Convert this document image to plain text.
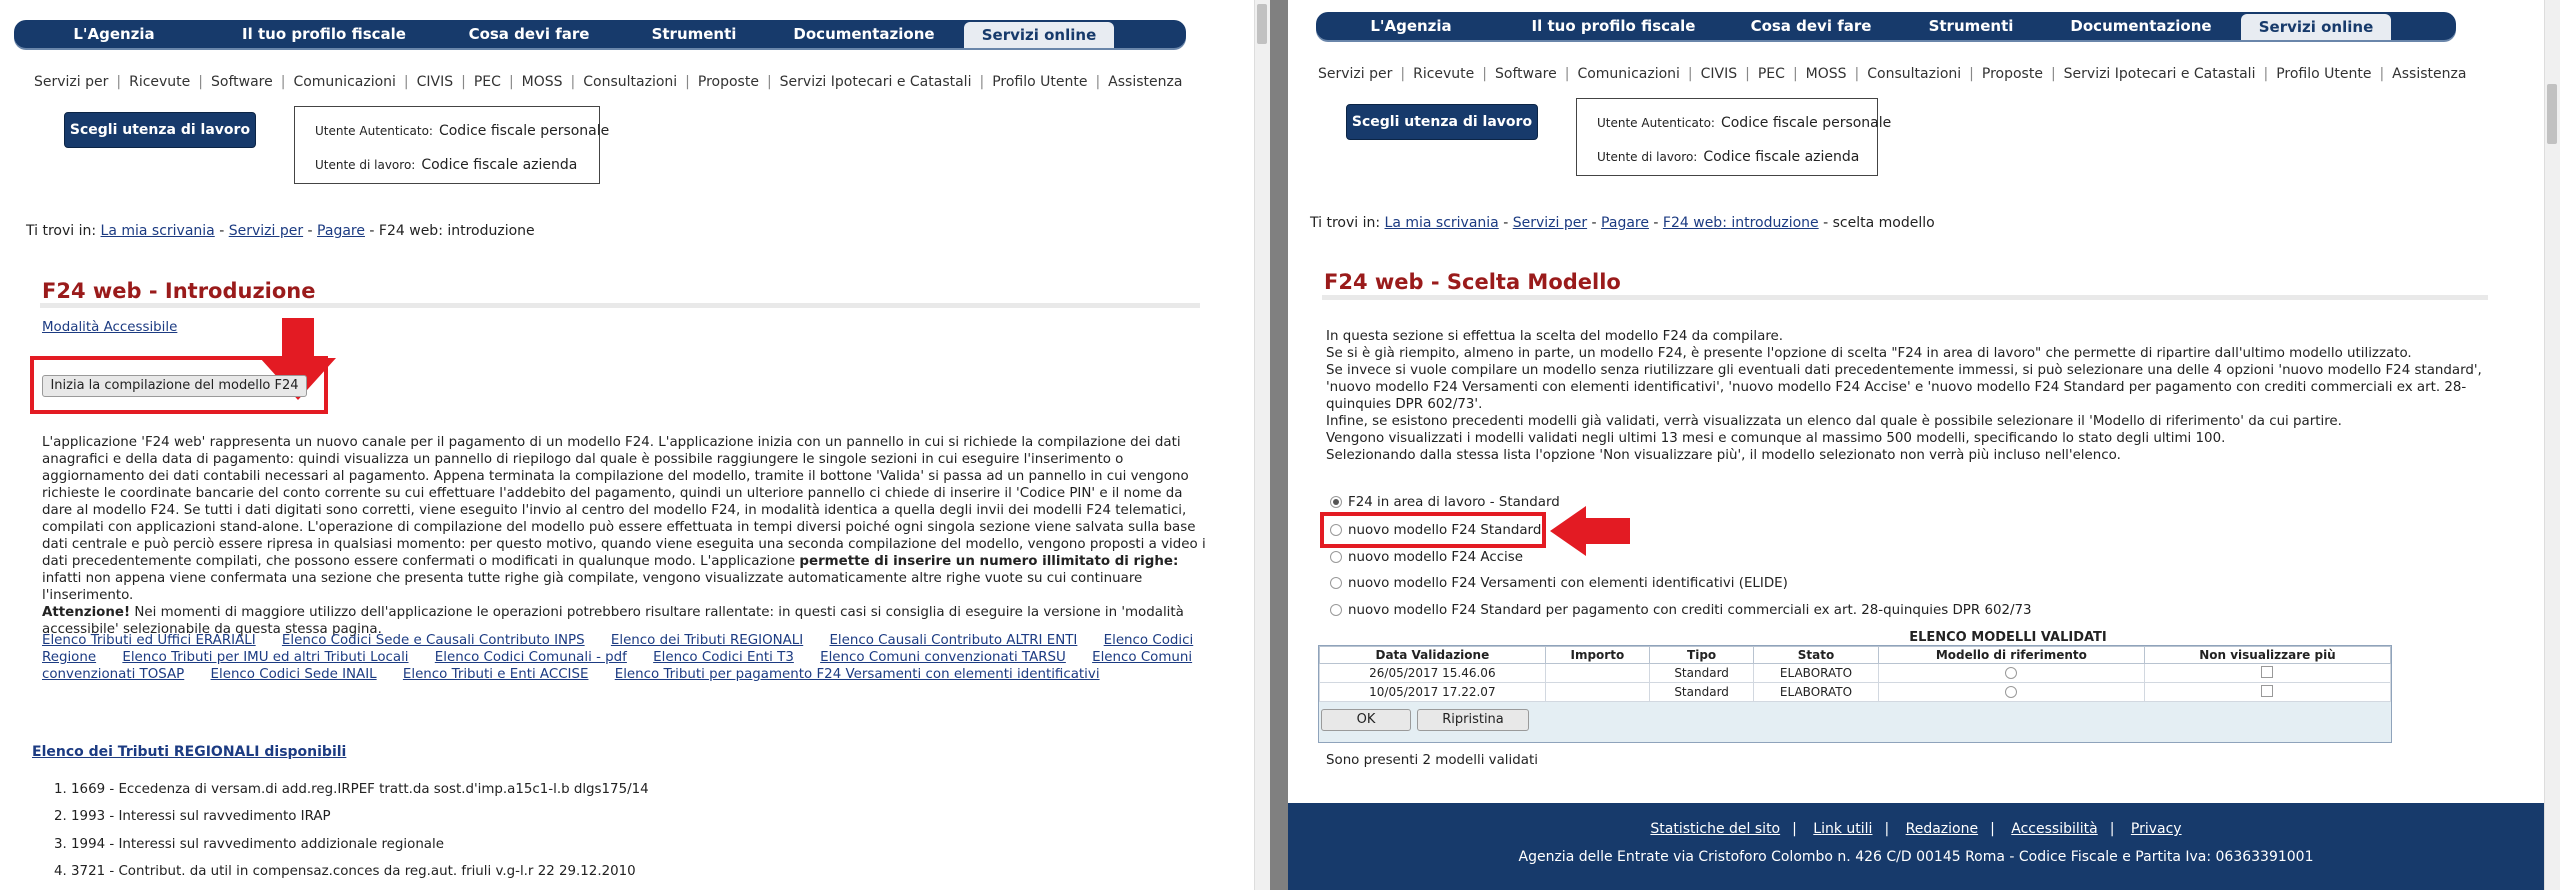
L'Agenzia	Il tuo profilo fiscale	Cosa devi fare	Strumenti	Documentazione	Servizi online
Servizi per | Ricevute | Software | Comunicazioni | CIVIS | PEC | MOSS | Consultazioni | Proposte | Servizi Ipotecari e Catastali | Profilo Utente | Assistenza
Scegli utenza di lavoro	Utente Autenticato: Codice fiscale personale
Utente di lavoro: Codice fiscale azienda
Ti trovi in: La mia scrivania - Servizi per - Pagare - F24 web: introduzione
F24 web - Introduzione
Modalità Accessibile
Inizia la compilazione del modello F24
L'applicazione 'F24 web' rappresenta un nuovo canale per il pagamento di un modello F24. L'applicazione inizia con un pannello in cui si richiede la compilazione dei dati anagrafici e della data di pagamento: quindi visualizza un pannello di riepilogo dal quale è possibile raggiungere le singole sezioni in cui eseguire l'inserimento o aggiornamento dei dati contabili necessari al pagamento. Appena terminata la compilazione del modello, tramite il bottone 'Valida' si passa ad un pannello in cui vengono richieste le coordinate bancarie del conto corrente su cui effettuare l'addebito del pagamento, quindi un ulteriore pannello ci chiede di inserire il 'Codice PIN' e il nome da dare al modello F24. Se tutti i dati digitati sono corretti, viene eseguito l'invio al centro del modello F24, in modalità identica a quella degli invii dei modelli F24 telematici, compilati con applicazioni stand-alone. L'operazione di compilazione del modello può essere effettuata in tempi diversi poiché ogni singola sezione viene salvata sulla base dati centrale e può perciò essere ripresa in qualsiasi momento: per questo motivo, quando viene eseguita una seconda compilazione del modello, vengono proposti a video i dati precedentemente compilati, che possono essere confermati o modificati in qualunque modo. L'applicazione permette di inserire un numero illimitato di righe: infatti non appena viene confermata una sezione che presenta tutte righe già compilate, vengono visualizzate automaticamente altre righe vuote su cui continuare l'inserimento.
Attenzione! Nei momenti di maggiore utilizzo dell'applicazione le operazioni potrebbero risultare rallentate: in questi casi si consiglia di eseguire la versione in 'modalità accessibile' selezionabile da questa stessa pagina.
Elenco Tributi ed Uffici ERARIALI Elenco Codici Sede e Causali Contributo INPS Elenco dei Tributi REGIONALI Elenco Causali Contributo ALTRI ENTI Elenco Codici Regione Elenco Tributi per IMU ed altri Tributi Locali Elenco Codici Comunali - pdf Elenco Codici Enti T3 Elenco Comuni convenzionati TARSU Elenco Comuni convenzionati TOSAP Elenco Codici Sede INAIL Elenco Tributi e Enti ACCISE Elenco Tributi per pagamento F24 Versamenti con elementi identificativi
Elenco dei Tributi REGIONALI disponibili
1. 1669 - Eccedenza di versam.di add.reg.IRPEF tratt.da sost.d'imp.a15c1-l.b dlgs175/14
2. 1993 - Interessi sul ravvedimento IRAP
3. 1994 - Interessi sul ravvedimento addizionale regionale
4. 3721 - Contribut. da util in compensaz.conces da reg.aut. friuli v.g-l.r 22 29.12.2010
L'Agenzia	Il tuo profilo fiscale	Cosa devi fare	Strumenti	Documentazione	Servizi online
Servizi per | Ricevute | Software | Comunicazioni | CIVIS | PEC | MOSS | Consultazioni | Proposte | Servizi Ipotecari e Catastali | Profilo Utente | Assistenza
Scegli utenza di lavoro	Utente Autenticato: Codice fiscale personale
Utente di lavoro: Codice fiscale azienda
Ti trovi in: La mia scrivania - Servizi per - Pagare - F24 web: introduzione - scelta modello
F24 web - Scelta Modello
In questa sezione si effettua la scelta del modello F24 da compilare.
Se si è già riempito, almeno in parte, un modello F24, è presente l'opzione di scelta "F24 in area di lavoro" che permette di ripartire dall'ultimo modello utilizzato.
Se invece si vuole compilare un modello senza riutilizzare gli eventuali dati precedentemente immessi, si può selezionare una delle 4 opzioni 'nuovo modello F24 standard', 'nuovo modello F24 Versamenti con elementi identificativi', 'nuovo modello F24 Accise' e 'nuovo modello F24 Standard per pagamento con crediti commerciali ex art. 28-quinquies DPR 602/73'.
Infine, se esistono precedenti modelli già validati, verrà visualizzata un elenco dal quale è possibile selezionare il 'Modello di riferimento' da cui partire.
Vengono visualizzati i modelli validati negli ultimi 13 mesi e comunque al massimo 500 modelli, specificando lo stato degli ultimi 100.
Selezionando dalla stessa lista l'opzione 'Non visualizzare più', il modello selezionato non verrà più incluso nell'elenco.
F24 in area di lavoro - Standard
nuovo modello F24 Standard
nuovo modello F24 Accise
nuovo modello F24 Versamenti con elementi identificativi (ELIDE)
nuovo modello F24 Standard per pagamento con crediti commerciali ex art. 28-quinquies DPR 602/73
ELENCO MODELLI VALIDATI
Data Validazione	Importo	Tipo	Stato	Modello di riferimento	Non visualizzare più
26/05/2017 15.46.06		Standard	ELABORATO		
10/05/2017 17.22.07		Standard	ELABORATO		
OK	Ripristina
Sono presenti 2 modelli validati
Statistiche del sito | Link utili | Redazione | Accessibilità | Privacy
Agenzia delle Entrate via Cristoforo Colombo n. 426 C/D 00145 Roma - Codice Fiscale e Partita Iva: 06363391001
